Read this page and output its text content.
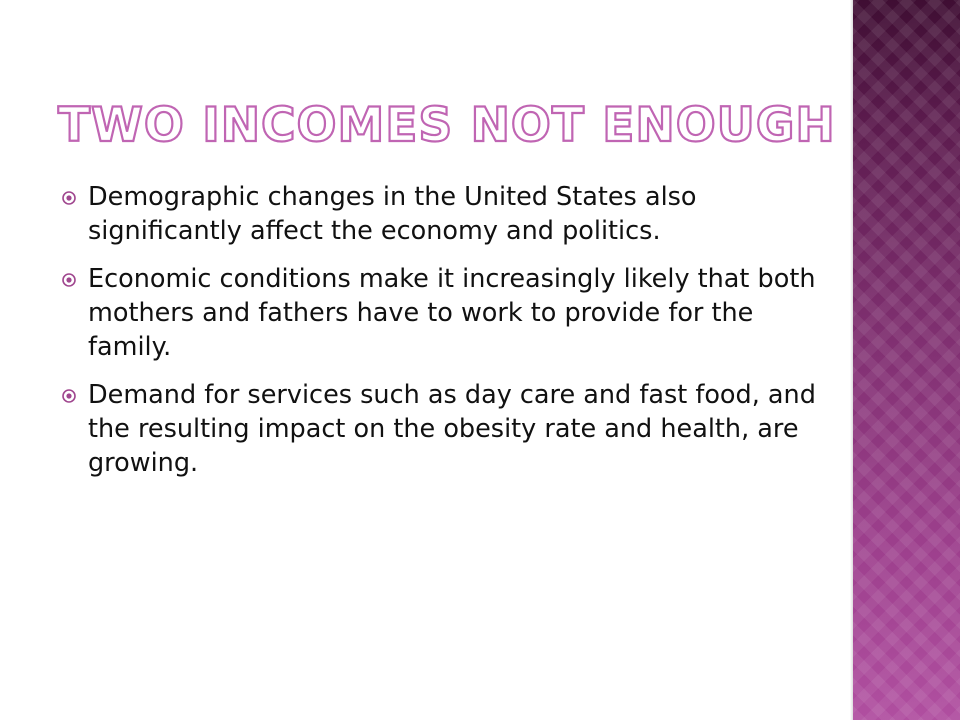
TWO INCOMES NOT ENOUGH
Demographic changes in the United States also significantly affect the economy and politics.
Economic conditions make it increasingly likely that both mothers and fathers have to work to provide for the family.
Demand for services such as day care and fast food, and the resulting impact on the obesity rate and health, are growing.
